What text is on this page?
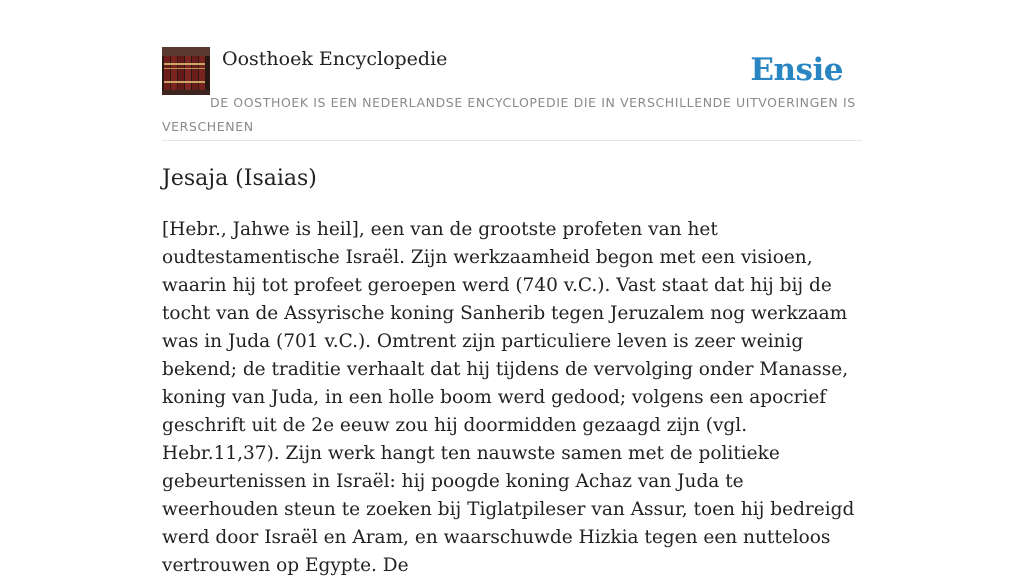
Oosthoek Encyclopedie	Ensie
DE OOSTHOEK IS EEN NEDERLANDSE ENCYCLOPEDIE DIE IN VERSCHILLENDE UITVOERINGEN IS VERSCHENEN
Jesaja (Isaias)

[Hebr., Jahwe is heil], een van de grootste profeten van het oudtestamentische Israël. Zijn werkzaamheid begon met een visioen, waarin hij tot profeet geroepen werd (740 v.C.). Vast staat dat hij bij de tocht van de Assyrische koning Sanherib tegen Jeruzalem nog werkzaam was in Juda (701 v.C.). Omtrent zijn particuliere leven is zeer weinig bekend; de traditie verhaalt dat hij tijdens de vervolging onder Manasse, koning van Juda, in een holle boom werd gedood; volgens een apocrief geschrift uit de 2e eeuw zou hij doormidden gezaagd zijn (vgl. Hebr.11,37). Zijn werk hangt ten nauwste samen met de politieke gebeurtenissen in Israël: hij poogde koning Achaz van Juda te weerhouden steun te zoeken bij Tiglatpileser van Assur, toen hij bedreigd werd door Israël en Aram, en waarschuwde Hizkia tegen een nutteloos vertrouwen op Egypte. De
